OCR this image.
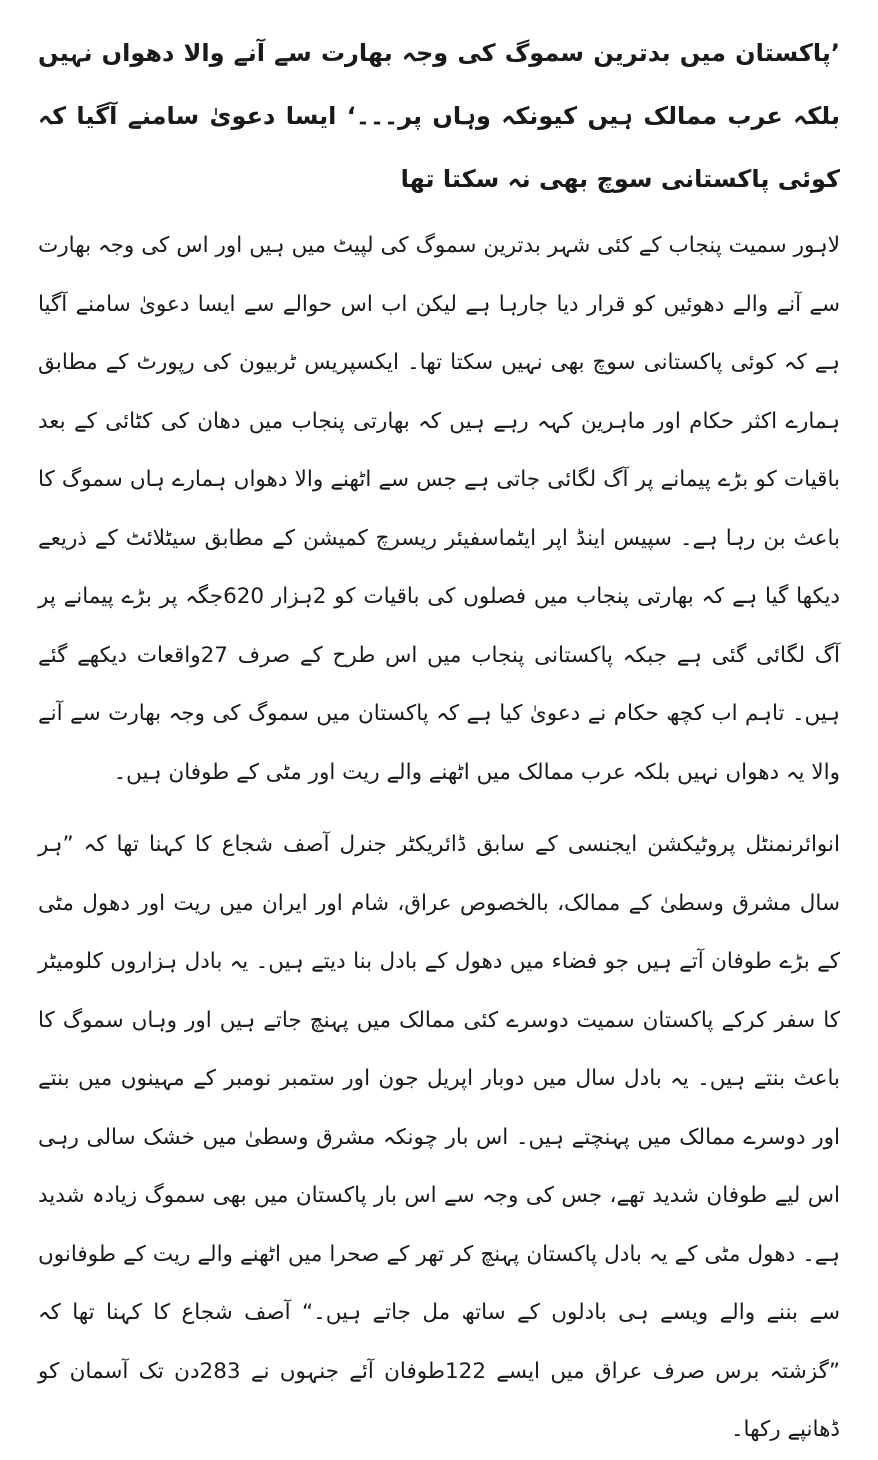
’پاکستان میں بدترین سموگ کی وجہ بھارت سے آنے والا دھواں نہیں بلکہ عرب ممالک ہیں کیونکہ وہاں پر۔۔۔‘ ایسا دعویٰ سامنے آگیا کہ کوئی پاکستانی سوچ بھی نہ سکتا تھا

لاہور سمیت پنجاب کے کئی شہر بدترین سموگ کی لپیٹ میں ہیں اور اس کی وجہ بھارت سے آنے والے دھوئیں کو قرار دیا جارہا ہے لیکن اب اس حوالے سے ایسا دعویٰ سامنے آگیا ہے کہ کوئی پاکستانی سوچ بھی نہیں سکتا تھا۔ ایکسپریس ٹربیون کی رپورٹ کے مطابق ہمارے اکثر حکام اور ماہرین کہہ رہے ہیں کہ بھارتی پنجاب میں دھان کی کٹائی کے بعد باقیات کو بڑے پیمانے پر آگ لگائی جاتی ہے جس سے اٹھنے والا دھواں ہمارے ہاں سموگ کا باعث بن رہا ہے۔ سپیس اینڈ اپر ایٹماسفیئر ریسرچ کمیشن کے مطابق سیٹلائٹ کے ذریعے دیکھا گیا ہے کہ بھارتی پنجاب میں فصلوں کی باقیات کو 2ہزار 620جگہ پر بڑے پیمانے پر آگ لگائی گئی ہے جبکہ پاکستانی پنجاب میں اس طرح کے صرف 27واقعات دیکھے گئے ہیں۔ تاہم اب کچھ حکام نے دعویٰ کیا ہے کہ پاکستان میں سموگ کی وجہ بھارت سے آنے والا یہ دھواں نہیں بلکہ عرب ممالک میں اٹھنے والے ریت اور مٹی کے طوفان ہیں۔

انوائرنمنٹل پروٹیکشن ایجنسی کے سابق ڈائریکٹر جنرل آصف شجاع کا کہنا تھا کہ ”ہر سال مشرق وسطیٰ کے ممالک، بالخصوص عراق، شام اور ایران میں ریت اور دھول مٹی کے بڑے طوفان آتے ہیں جو فضاء میں دھول کے بادل بنا دیتے ہیں۔ یہ بادل ہزاروں کلومیٹر کا سفر کرکے پاکستان سمیت دوسرے کئی ممالک میں پہنچ جاتے ہیں اور وہاں سموگ کا باعث بنتے ہیں۔ یہ بادل سال میں دوبار اپریل جون اور ستمبر نومبر کے مہینوں میں بنتے اور دوسرے ممالک میں پہنچتے ہیں۔ اس بار چونکہ مشرق وسطیٰ میں خشک سالی رہی اس لیے طوفان شدید تھے، جس کی وجہ سے اس بار پاکستان میں بھی سموگ زیادہ شدید ہے۔ دھول مٹی کے یہ بادل پاکستان پہنچ کر تھر کے صحرا میں اٹھنے والے ریت کے طوفانوں سے بننے والے ویسے ہی بادلوں کے ساتھ مل جاتے ہیں۔“ آصف شجاع کا کہنا تھا کہ ”گزشتہ برس صرف عراق میں ایسے 122طوفان آئے جنہوں نے 283دن تک آسمان کو ڈھانپے رکھا۔
